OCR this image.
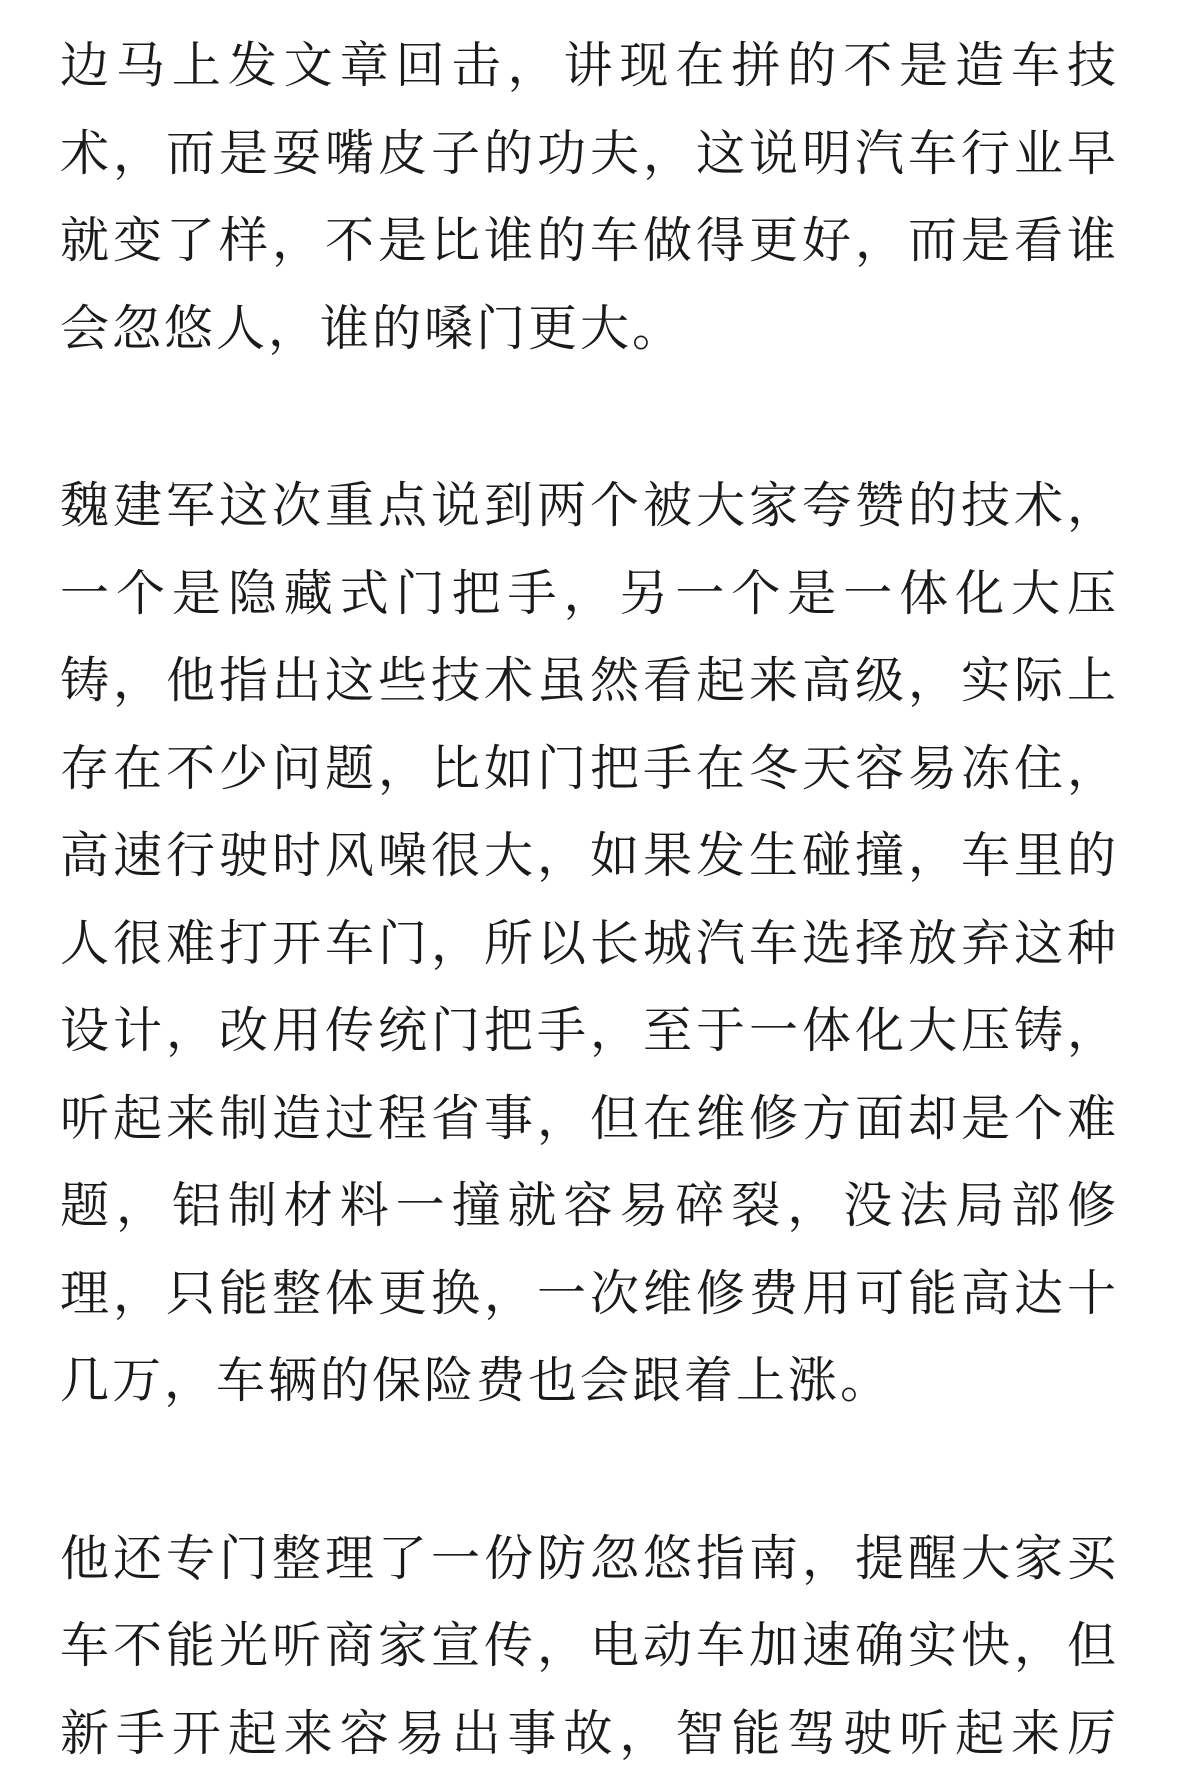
边马上发文章回击，讲现在拼的不是造车技
术，而是耍嘴皮子的功夫，这说明汽车行业早
就变了样，不是比谁的车做得更好，而是看谁
会忽悠人，谁的嗓门更大。
魏建军这次重点说到两个被大家夸赞的技术，
一个是隐藏式门把手，另一个是一体化大压
铸，他指出这些技术虽然看起来高级，实际上
存在不少问题，比如门把手在冬天容易冻住，
高速行驶时风噪很大，如果发生碰撞，车里的
人很难打开车门，所以长城汽车选择放弃这种
设计，改用传统门把手，至于一体化大压铸，
听起来制造过程省事，但在维修方面却是个难
题，铝制材料一撞就容易碎裂，没法局部修
理，只能整体更换，一次维修费用可能高达十
几万，车辆的保险费也会跟着上涨。
他还专门整理了一份防忽悠指南，提醒大家买
车不能光听商家宣传，电动车加速确实快，但
新手开起来容易出事故，智能驾驶听起来厉
